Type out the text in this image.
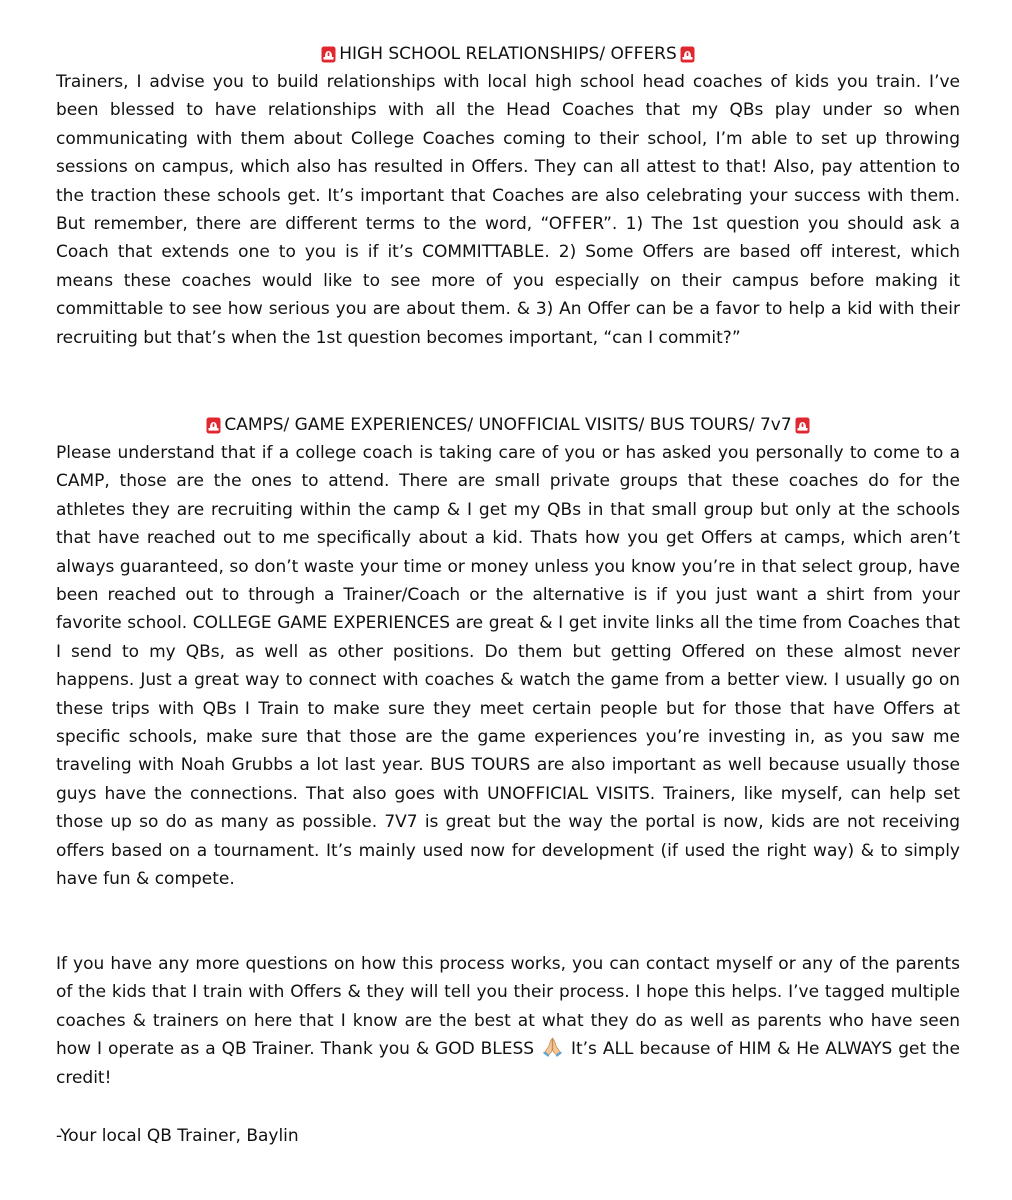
HIGH SCHOOL RELATIONSHIPS/ OFFERS
Trainers, I advise you to build relationships with local high school head coaches of kids you train. I’ve been blessed to have relationships with all the Head Coaches that my QBs play under so when communicating with them about College Coaches coming to their school, I’m able to set up throwing sessions on campus, which also has resulted in Offers. They can all attest to that! Also, pay attention to the traction these schools get. It’s important that Coaches are also celebrating your success with them. But remember, there are different terms to the word, “OFFER”. 1) The 1st question you should ask a Coach that extends one to you is if it’s COMMITTABLE. 2) Some Offers are based off interest, which means these coaches would like to see more of you especially on their campus before making it committable to see how serious you are about them. & 3) An Offer can be a favor to help a kid with their recruiting but that’s when the 1st question becomes important, “can I commit?”
CAMPS/ GAME EXPERIENCES/ UNOFFICIAL VISITS/ BUS TOURS/ 7v7
Please understand that if a college coach is taking care of you or has asked you personally to come to a CAMP, those are the ones to attend. There are small private groups that these coaches do for the athletes they are recruiting within the camp & I get my QBs in that small group but only at the schools that have reached out to me specifically about a kid. Thats how you get Offers at camps, which aren’t always guaranteed, so don’t waste your time or money unless you know you’re in that select group, have been reached out to through a Trainer/Coach or the alternative is if you just want a shirt from your favorite school. COLLEGE GAME EXPERIENCES are great & I get invite links all the time from Coaches that I send to my QBs, as well as other positions. Do them but getting Offered on these almost never happens. Just a great way to connect with coaches & watch the game from a better view. I usually go on these trips with QBs I Train to make sure they meet certain people but for those that have Offers at specific schools, make sure that those are the game experiences you’re investing in, as you saw me traveling with Noah Grubbs a lot last year. BUS TOURS are also important as well because usually those guys have the connections. That also goes with UNOFFICIAL VISITS. Trainers, like myself, can help set those up so do as many as possible. 7V7 is great but the way the portal is now, kids are not receiving offers based on a tournament. It’s mainly used now for development (if used the right way) & to simply have fun & compete.
If you have any more questions on how this process works, you can contact myself or any of the parents of the kids that I train with Offers & they will tell you their process. I hope this helps. I’ve tagged multiple coaches & trainers on here that I know are the best at what they do as well as parents who have seen how I operate as a QB Trainer. Thank you & GOD BLESS It’s ALL because of HIM & He ALWAYS get the credit!
-Your local QB Trainer, Baylin
